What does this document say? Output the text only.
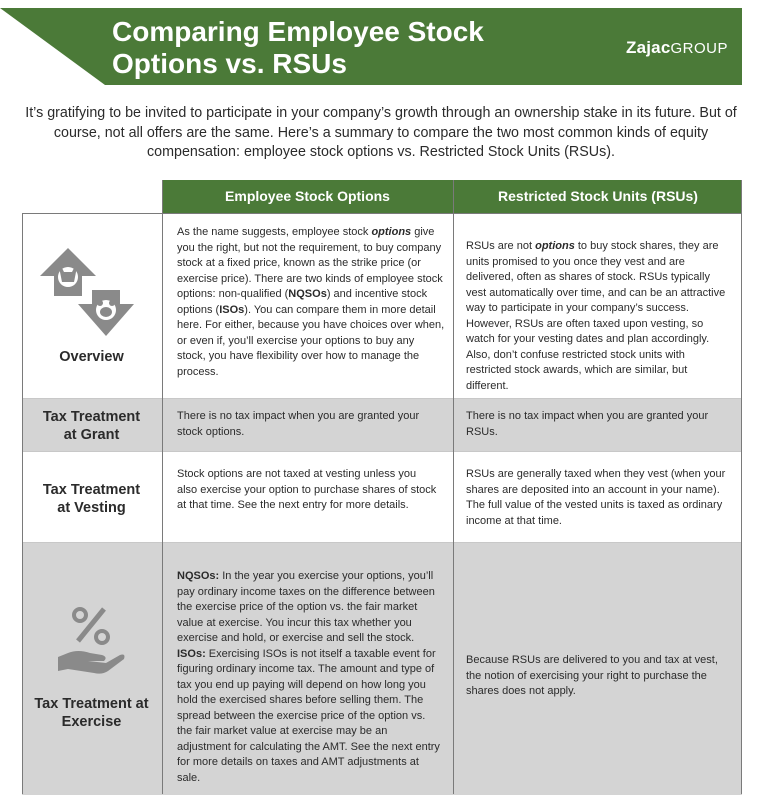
Comparing Employee Stock
Options vs. RSUs
ZajacGROUP
It’s gratifying to be invited to participate in your company’s growth through an ownership stake in its future. But of course, not all offers are the same. Here’s a summary to compare the two most common kinds of equity compensation: employee stock options vs. Restricted Stock Units (RSUs).
Employee Stock Options	Restricted Stock Units (RSUs)
Overview
As the name suggests, employee stock options give you the right, but not the requirement, to buy company stock at a fixed price, known as the strike price (or exercise price). There are two kinds of employee stock options: non-qualified (NQSOs) and incentive stock options (ISOs). You can compare them in more detail here. For either, because you have choices over when, or even if, you’ll exercise your options to buy any stock, you have flexibility over how to manage the process.
RSUs are not options to buy stock shares, they are units promised to you once they vest and are delivered, often as shares of stock. RSUs typically vest automatically over time, and can be an attractive way to participate in your company’s success. However, RSUs are often taxed upon vesting, so watch for your vesting dates and plan accordingly. Also, don’t confuse restricted stock units with restricted stock awards, which are similar, but different.
Tax Treatment
at Grant
There is no tax impact when you are granted your stock options.
There is no tax impact when you are granted your RSUs.
Tax Treatment
at Vesting
Stock options are not taxed at vesting unless you also exercise your option to purchase shares of stock at that time. See the next entry for more details.
RSUs are generally taxed when they vest (when your shares are deposited into an account in your name). The full value of the vested units is taxed as ordinary income at that time.
Tax Treatment at
Exercise
NQSOs: In the year you exercise your options, you’ll pay ordinary income taxes on the difference between the exercise price of the option vs. the fair market value at exercise. You incur this tax whether you exercise and hold, or exercise and sell the stock.
ISOs: Exercising ISOs is not itself a taxable event for figuring ordinary income tax. The amount and type of tax you end up paying will depend on how long you hold the exercised shares before selling them. The spread between the exercise price of the option vs. the fair market value at exercise may be an adjustment for calculating the AMT. See the next entry for more details on taxes and AMT adjustments at sale.
Because RSUs are delivered to you and tax at vest, the notion of exercising your right to purchase the shares does not apply.
